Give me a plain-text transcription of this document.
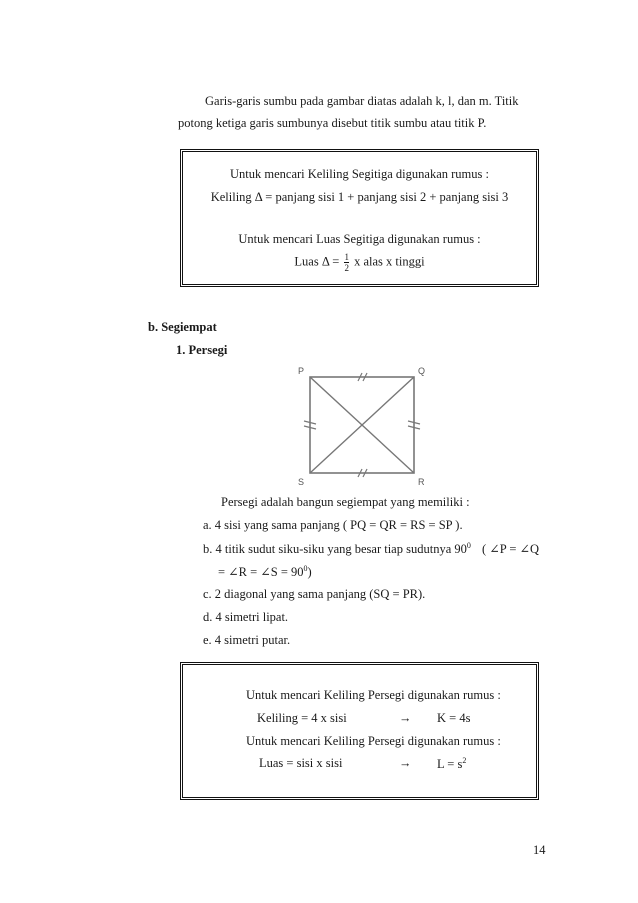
Garis-garis sumbu pada gambar diatas adalah k, l, dan m. Titik
potong ketiga garis sumbunya disebut titik sumbu atau titik P.
Untuk mencari Keliling Segitiga digunakan rumus :
Keliling Δ = panjang sisi 1 + panjang sisi 2 + panjang sisi 3
Untuk mencari Luas Segitiga digunakan rumus :
Luas $\Delta = \frac{1}{2}$ x alas x tinggi
b. Segiempat
1. Persegi
P	Q
R
S
Persegi adalah bangun segiempat yang memiliki :
a. 4 sisi yang sama panjang ( PQ = QR = RS = SP ).
b. 4 titik sudut siku-siku yang besar tiap sudutnya $90^0$ ( ∠P = ∠Q
= ∠R = ∠S = $90^0$)
c. 2 diagonal yang sama panjang (SQ = PR).
d. 4 simetri lipat.
e. 4 simetri putar.
Untuk mencari Keliling Persegi digunakan rumus :
Keliling = 4 x sisi	→ K = 4s
Untuk mencari Keliling Persegi digunakan rumus :
Luas = sisi x sisi	→ $L = s^2$
14
